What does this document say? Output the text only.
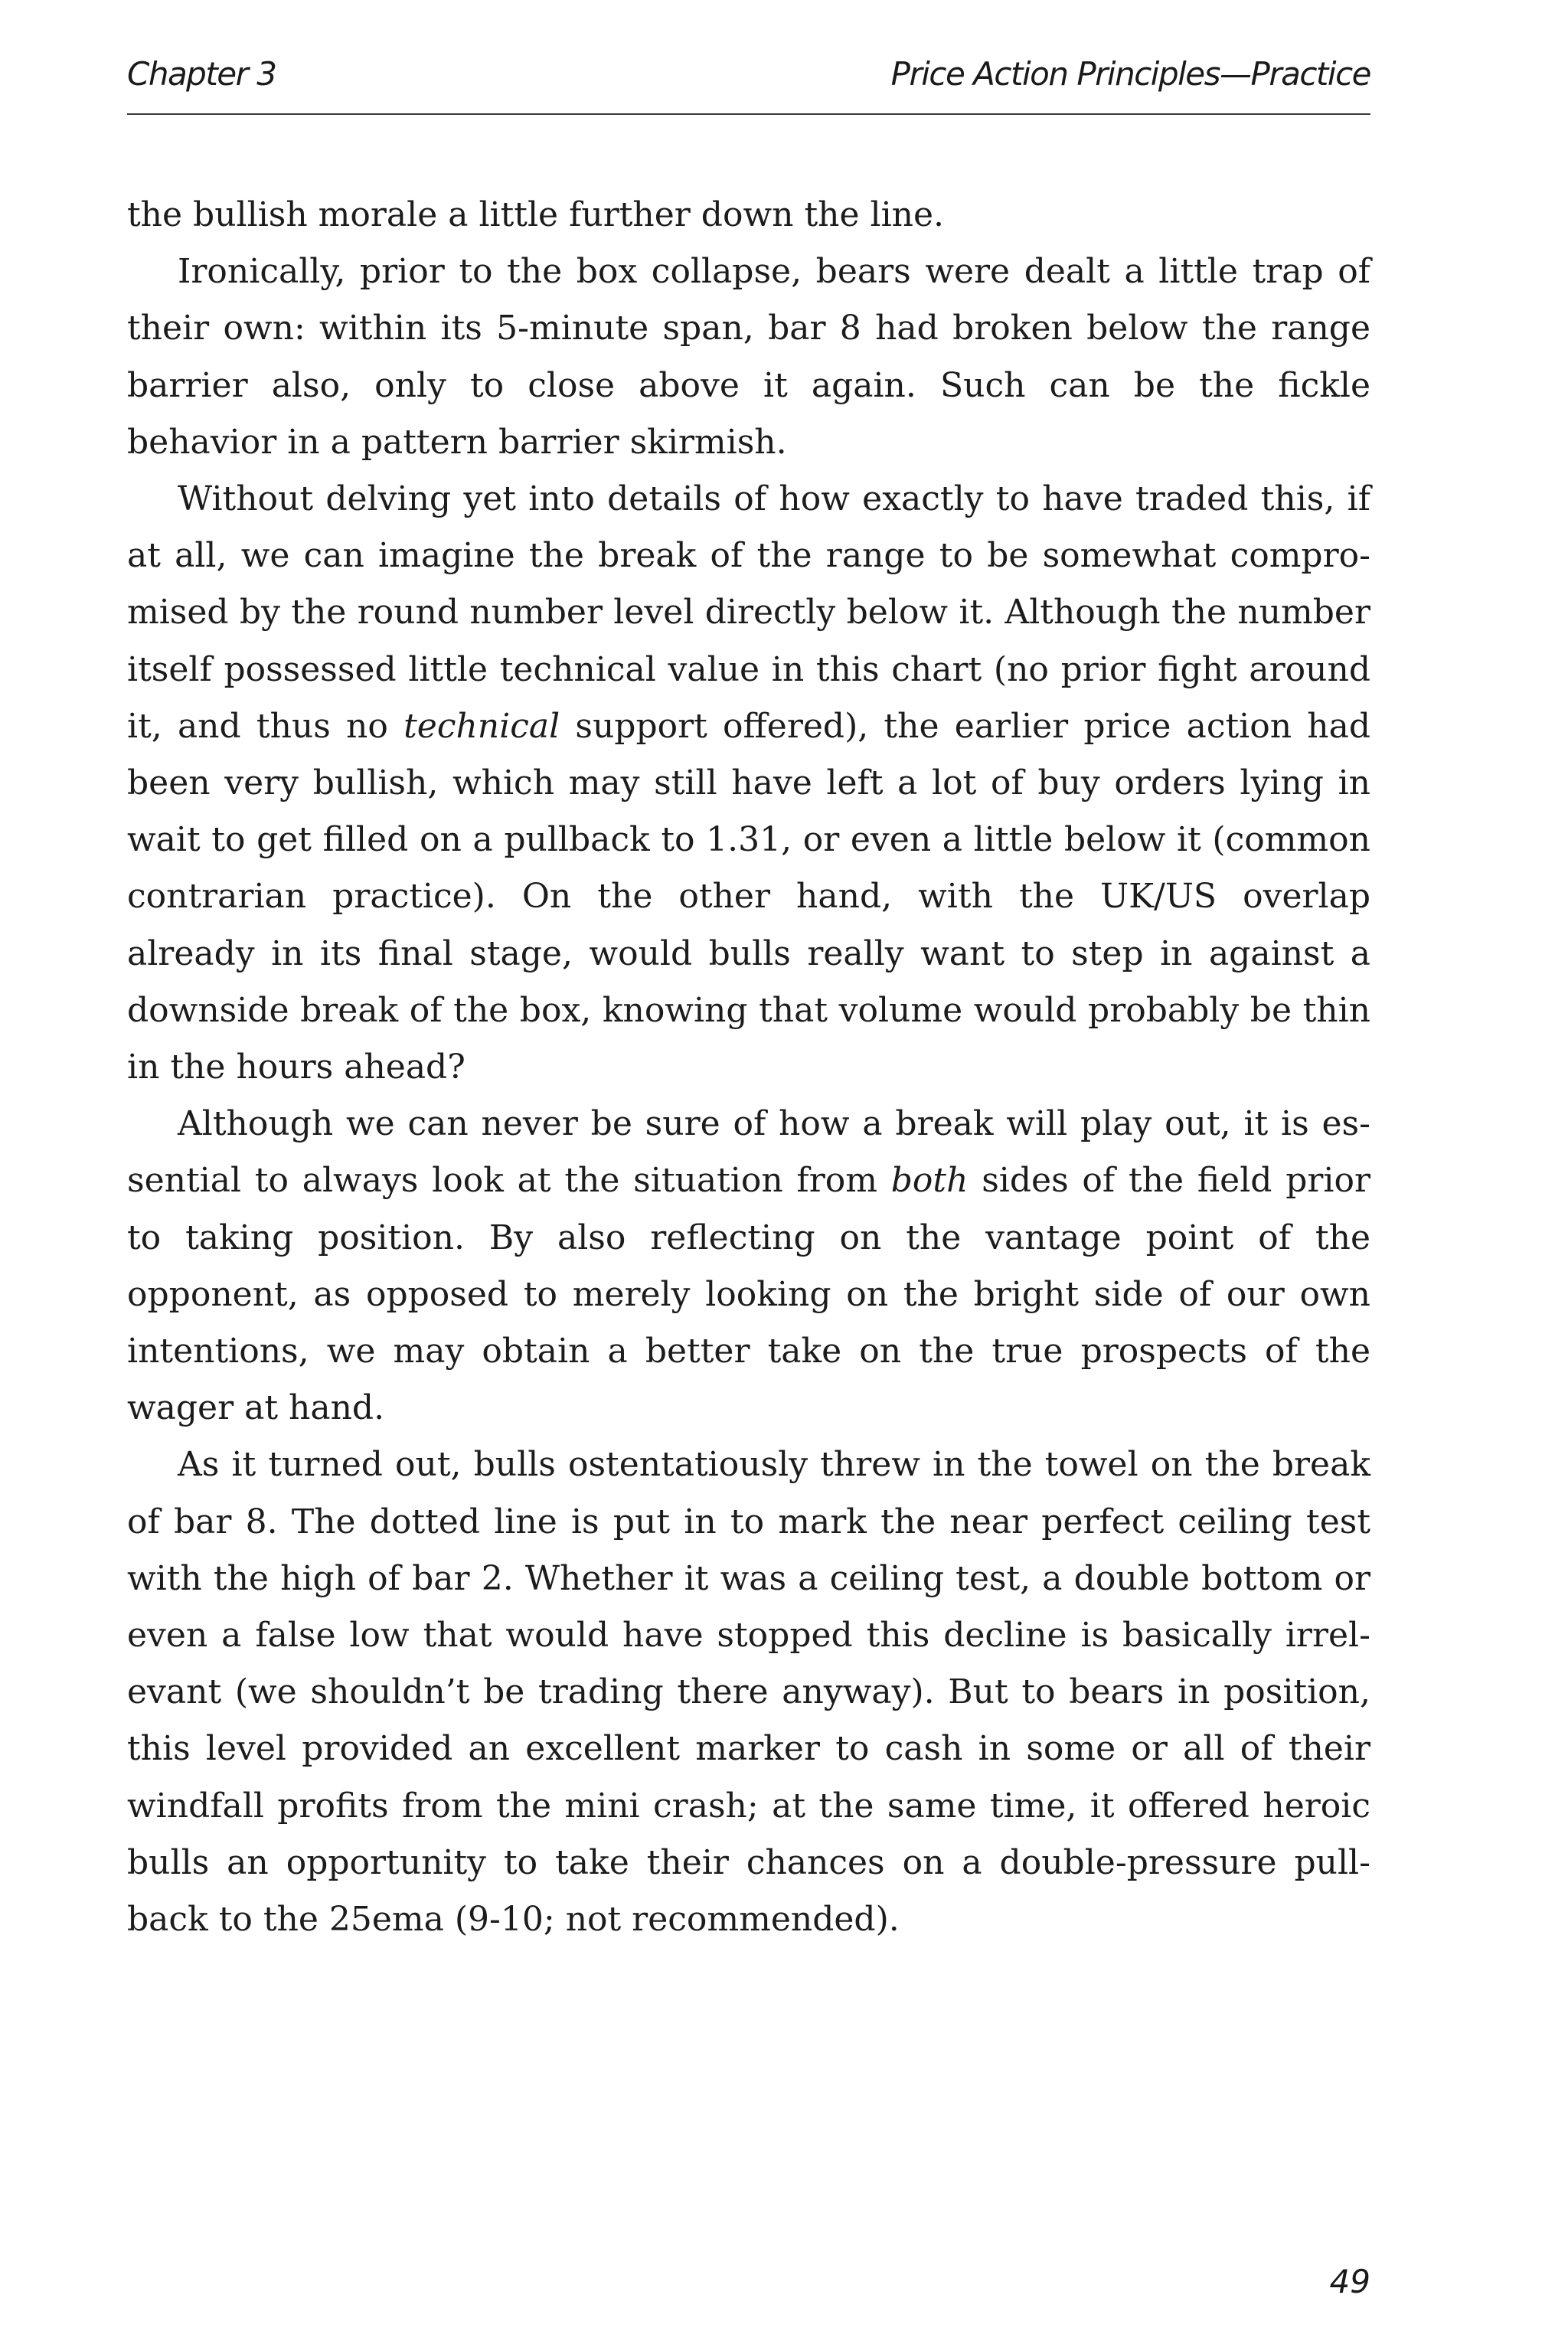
Chapter 3	Price Action Principles—Practice

the bullish morale a little further down the line.

Ironically, prior to the box collapse, bears were dealt a little trap of their own: within its 5-minute span, bar 8 had broken below the range barrier also, only to close above it again. Such can be the fickle behavior in a pattern barrier skirmish.

Without delving yet into details of how exactly to have traded this, if at all, we can imagine the break of the range to be somewhat compromised by the round number level directly below it. Although the number itself possessed little technical value in this chart (no prior fight around it, and thus no technical support offered), the earlier price action had been very bullish, which may still have left a lot of buy orders lying in wait to get filled on a pullback to 1.31, or even a little below it (common contrarian practice). On the other hand, with the UK/US overlap already in its final stage, would bulls really want to step in against a downside break of the box, knowing that volume would probably be thin in the hours ahead?

Although we can never be sure of how a break will play out, it is essential to always look at the situation from both sides of the field prior to taking position. By also reflecting on the vantage point of the opponent, as opposed to merely looking on the bright side of our own intentions, we may obtain a better take on the true prospects of the wager at hand.

As it turned out, bulls ostentatiously threw in the towel on the break of bar 8. The dotted line is put in to mark the near perfect ceiling test with the high of bar 2. Whether it was a ceiling test, a double bottom or even a false low that would have stopped this decline is basically irrelevant (we shouldn’t be trading there anyway). But to bears in position, this level provided an excellent marker to cash in some or all of their windfall profits from the mini crash; at the same time, it offered heroic bulls an opportunity to take their chances on a double-pressure pullback to the 25ema (9-10; not recommended).

49
